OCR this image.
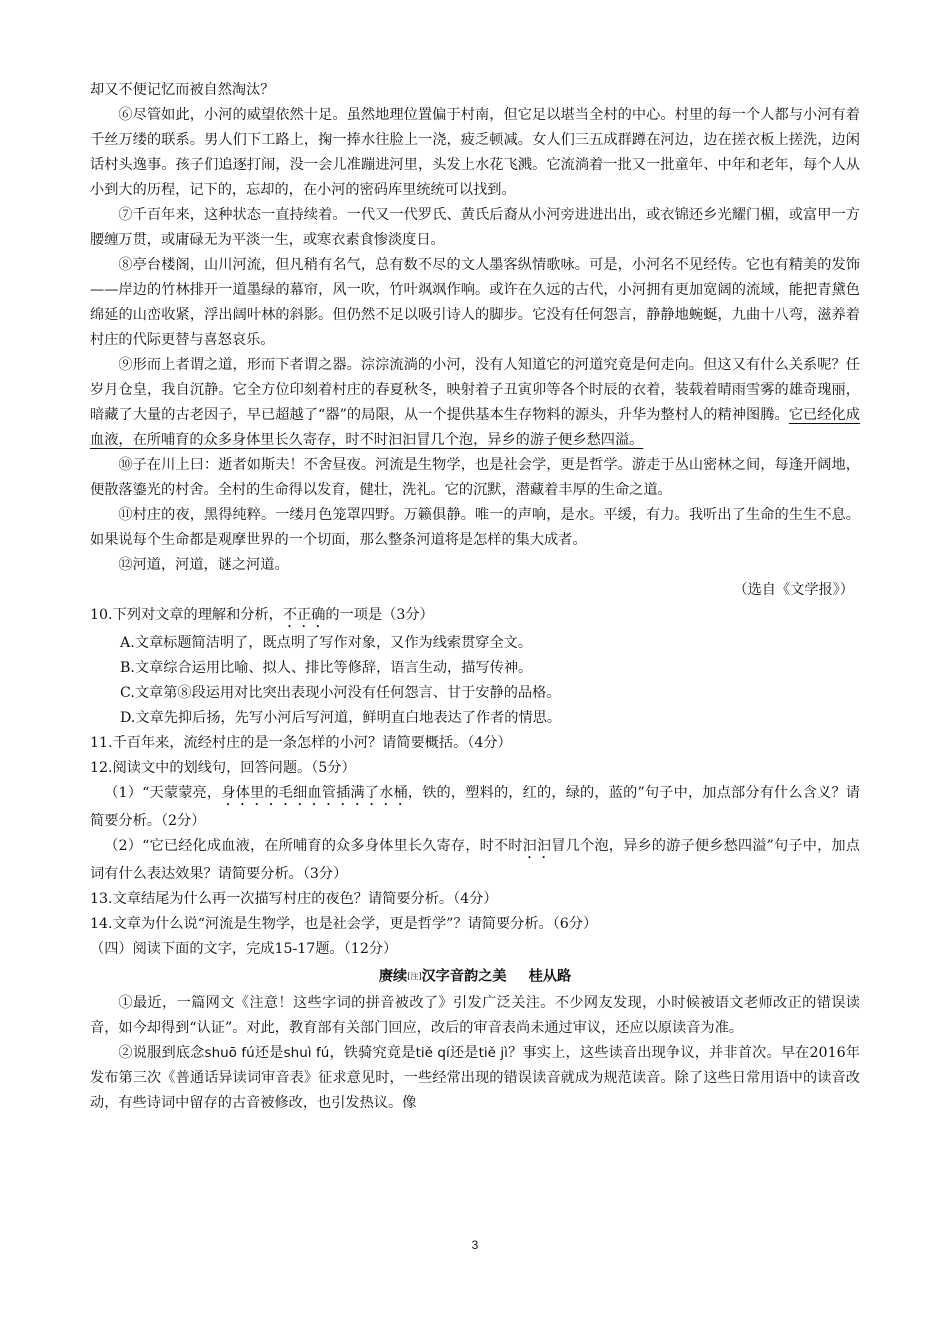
却又不便记忆而被自然淘汰？

⑥尽管如此，小河的威望依然十足。虽然地理位置偏于村南，但它足以堪当全村的中心。村里的每一个人都与小河有着千丝万缕的联系。男人们下工路上，掬一捧水往脸上一浇，疲乏顿减。女人们三五成群蹲在河边，边在搓衣板上搓洗，边闲话村头逸事。孩子们追逐打闹，没一会儿准蹦进河里，头发上水花飞溅。它流淌着一批又一批童年、中年和老年，每个人从小到大的历程，记下的，忘却的，在小河的密码库里统统可以找到。

⑦千百年来，这种状态一直持续着。一代又一代罗氏、黄氏后裔从小河旁进进出出，或衣锦还乡光耀门楣，或富甲一方腰缠万贯，或庸碌无为平淡一生，或寒衣素食惨淡度日。

⑧亭台楼阁，山川河流，但凡稍有名气，总有数不尽的文人墨客纵情歌咏。可是，小河名不见经传。它也有精美的发饰——岸边的竹林排开一道墨绿的幕帘，风一吹，竹叶飒飒作响。或许在久远的古代，小河拥有更加宽阔的流域，能把青黛色绵延的山峦收紧，浮出阔叶林的斜影。但仍然不足以吸引诗人的脚步。它没有任何怨言，静静地蜿蜒，九曲十八弯，滋养着村庄的代际更替与喜怒哀乐。

⑨形而上者谓之道，形而下者谓之器。淙淙流淌的小河，没有人知道它的河道究竟是何走向。但这又有什么关系呢？任岁月仓皇，我自沉静。它全方位印刻着村庄的春夏秋冬，映射着子丑寅卯等各个时辰的衣着，装载着晴雨雪雾的雄奇瑰丽，暗藏了大量的古老因子，早已超越了“器”的局限，从一个提供基本生存物料的源头，升华为整村人的精神图腾。它已经化成血液，在所哺育的众多身体里长久寄存，时不时汩汩冒几个泡，异乡的游子便乡愁四溢。

⑩子在川上曰：逝者如斯夫！不舍昼夜。河流是生物学，也是社会学，更是哲学。游走于丛山密林之间，每逢开阔地，便散落鎏光的村舍。全村的生命得以发育，健壮，洗礼。它的沉默，潜藏着丰厚的生命之道。

⑪村庄的夜，黑得纯粹。一缕月色笼罩四野。万籁俱静。唯一的声响，是水。平缓，有力。我听出了生命的生生不息。如果说每个生命都是观摩世界的一个切面，那么整条河道将是怎样的集大成者。

⑫河道，河道，谜之河道。

（选自《文学报》）

10.下列对文章的理解和分析，不正确的一项是（3分）

A.文章标题简洁明了，既点明了写作对象，又作为线索贯穿全文。

B.文章综合运用比喻、拟人、排比等修辞，语言生动，描写传神。

C.文章第⑧段运用对比突出表现小河没有任何怨言、甘于安静的品格。

D.文章先抑后扬，先写小河后写河道，鲜明直白地表达了作者的情思。

11.千百年来，流经村庄的是一条怎样的小河？请简要概括。（4分）

12.阅读文中的划线句，回答问题。（5分）

（1）“天蒙蒙亮，身体里的毛细血管插满了水桶，铁的，塑料的，红的，绿的，蓝的”句子中，加点部分有什么含义？请简要分析。（2分）

（2）“它已经化成血液，在所哺育的众多身体里长久寄存，时不时汩汩冒几个泡，异乡的游子便乡愁四溢”句子中，加点词有什么表达效果？请简要分析。（3分）

13.文章结尾为什么再一次描写村庄的夜色？请简要分析。（4分）

14.文章为什么说“河流是生物学，也是社会学，更是哲学”？请简要分析。（6分）

（四）阅读下面的文字，完成15-17题。（12分）

赓续[注]汉字音韵之美 桂从路

①最近，一篇网文《注意！这些字词的拼音被改了》引发广泛关注。不少网友发现，小时候被语文老师改正的错误读音，如今却得到“认证”。对此，教育部有关部门回应，改后的审音表尚未通过审议，还应以原读音为准。

②说服到底念shuō fú还是shuì fú，铁骑究竟是tiě qí还是tiě jì？事实上，这些读音出现争议，并非首次。早在2016年发布第三次《普通话异读词审音表》征求意见时，一些经常出现的错误读音就成为规范读音。除了这些日常用语中的读音改动，有些诗词中留存的古音被修改，也引发热议。像

3
